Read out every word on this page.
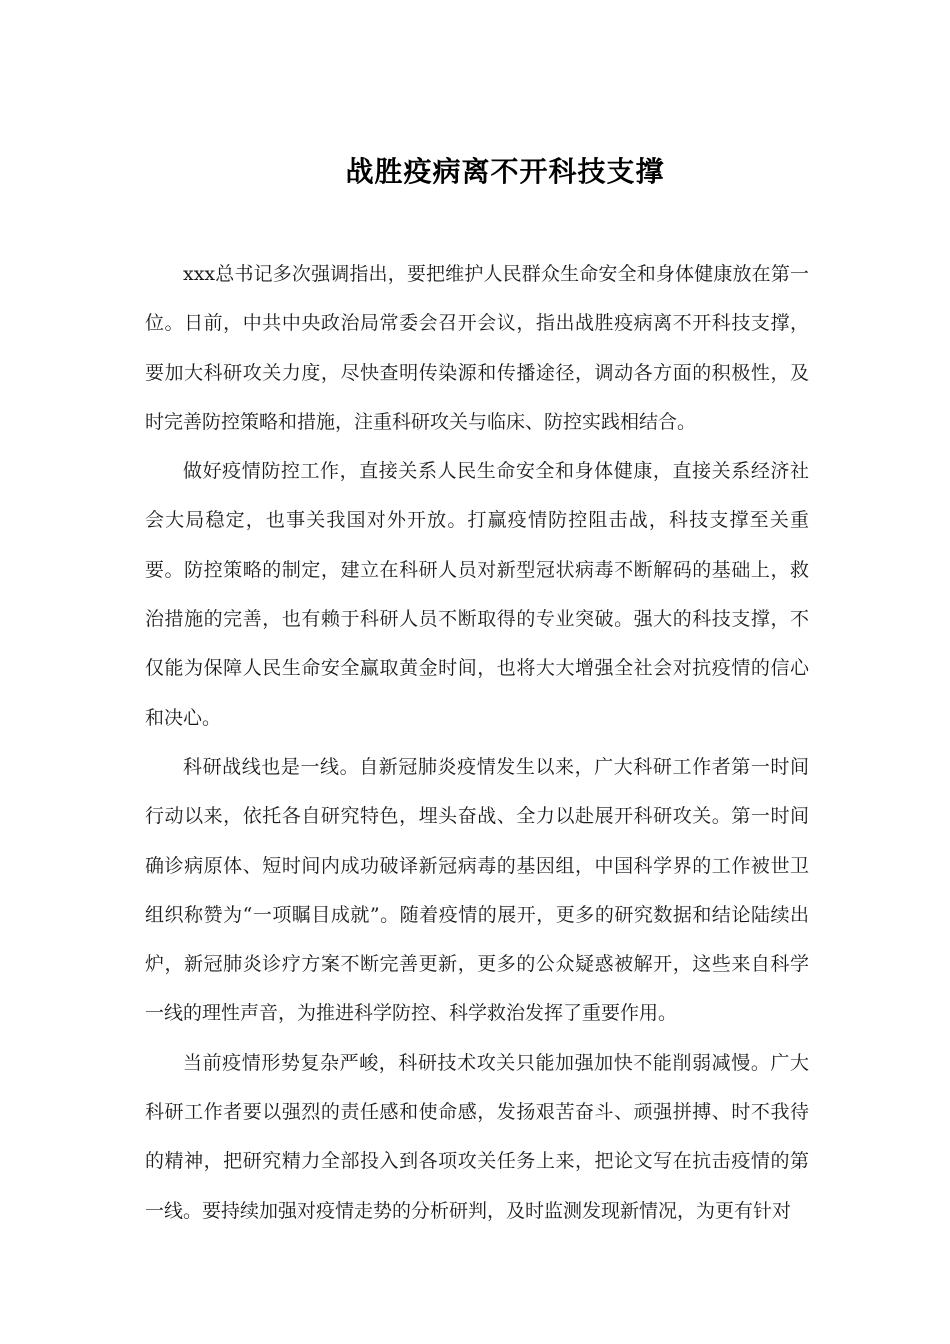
战胜疫病离不开科技支撑

xxx总书记多次强调指出，要把维护人民群众生命安全和身体健康放在第一位。日前，中共中央政治局常委会召开会议，指出战胜疫病离不开科技支撑，要加大科研攻关力度，尽快查明传染源和传播途径，调动各方面的积极性，及时完善防控策略和措施，注重科研攻关与临床、防控实践相结合。

做好疫情防控工作，直接关系人民生命安全和身体健康，直接关系经济社会大局稳定，也事关我国对外开放。打赢疫情防控阻击战，科技支撑至关重要。防控策略的制定，建立在科研人员对新型冠状病毒不断解码的基础上，救治措施的完善，也有赖于科研人员不断取得的专业突破。强大的科技支撑，不仅能为保障人民生命安全赢取黄金时间，也将大大增强全社会对抗疫情的信心和决心。

科研战线也是一线。自新冠肺炎疫情发生以来，广大科研工作者第一时间行动以来，依托各自研究特色，埋头奋战、全力以赴展开科研攻关。第一时间确诊病原体、短时间内成功破译新冠病毒的基因组，中国科学界的工作被世卫组织称赞为“一项瞩目成就”。随着疫情的展开，更多的研究数据和结论陆续出炉，新冠肺炎诊疗方案不断完善更新，更多的公众疑惑被解开，这些来自科学一线的理性声音，为推进科学防控、科学救治发挥了重要作用。

当前疫情形势复杂严峻，科研技术攻关只能加强加快不能削弱减慢。广大科研工作者要以强烈的责任感和使命感，发扬艰苦奋斗、顽强拼搏、时不我待的精神，把研究精力全部投入到各项攻关任务上来，把论文写在抗击疫情的第一线。要持续加强对疫情走势的分析研判，及时监测发现新情况，为更有针对
